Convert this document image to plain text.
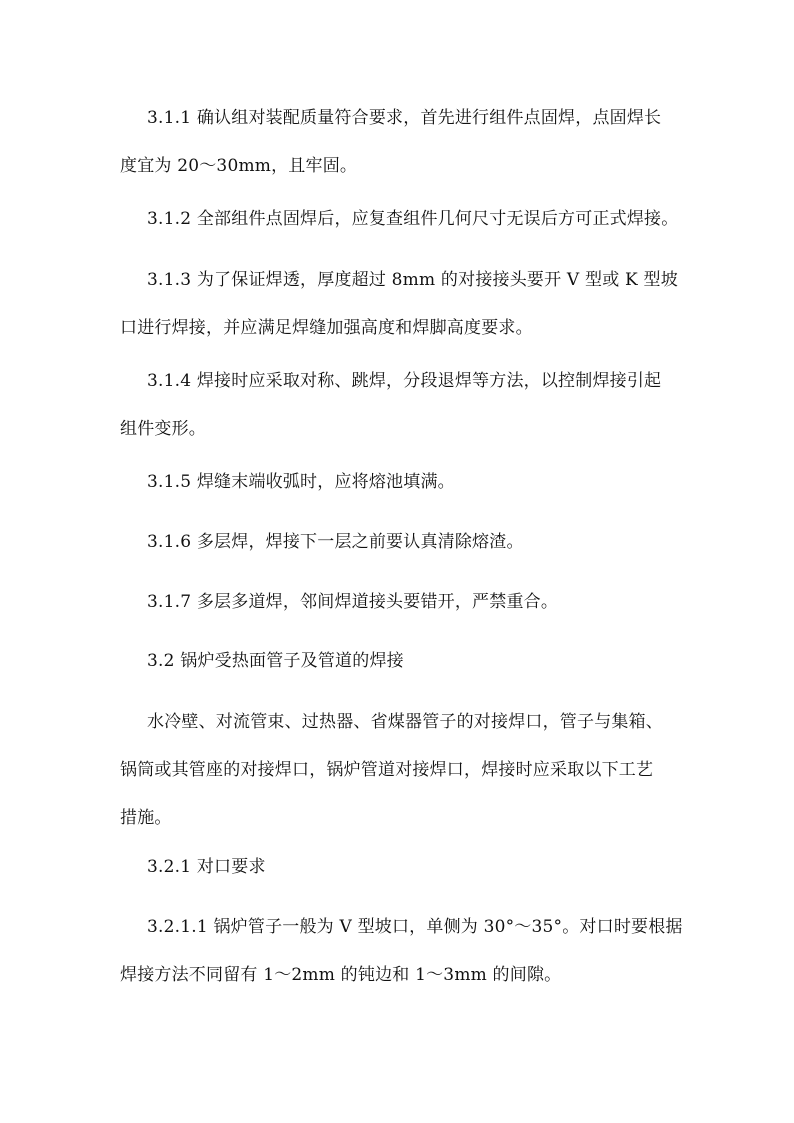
3.1.1 确认组对装配质量符合要求，首先进行组件点固焊，点固焊长
度宜为 20～30mm，且牢固。

3.1.2 全部组件点固焊后，应复查组件几何尺寸无误后方可正式焊接。

3.1.3 为了保证焊透，厚度超过 8mm 的对接接头要开 V 型或 K 型坡
口进行焊接，并应满足焊缝加强高度和焊脚高度要求。

3.1.4 焊接时应采取对称、跳焊，分段退焊等方法，以控制焊接引起
组件变形。

3.1.5 焊缝末端收弧时，应将熔池填满。

3.1.6 多层焊，焊接下一层之前要认真清除熔渣。

3.1.7 多层多道焊，邻间焊道接头要错开，严禁重合。

3.2 锅炉受热面管子及管道的焊接

水冷壁、对流管束、过热器、省煤器管子的对接焊口，管子与集箱、
锅筒或其管座的对接焊口，锅炉管道对接焊口，焊接时应采取以下工艺
措施。

3.2.1 对口要求

3.2.1.1 锅炉管子一般为 V 型坡口，单侧为 30°～35°。对口时要根据
焊接方法不同留有 1～2mm 的钝边和 1～3mm 的间隙。
